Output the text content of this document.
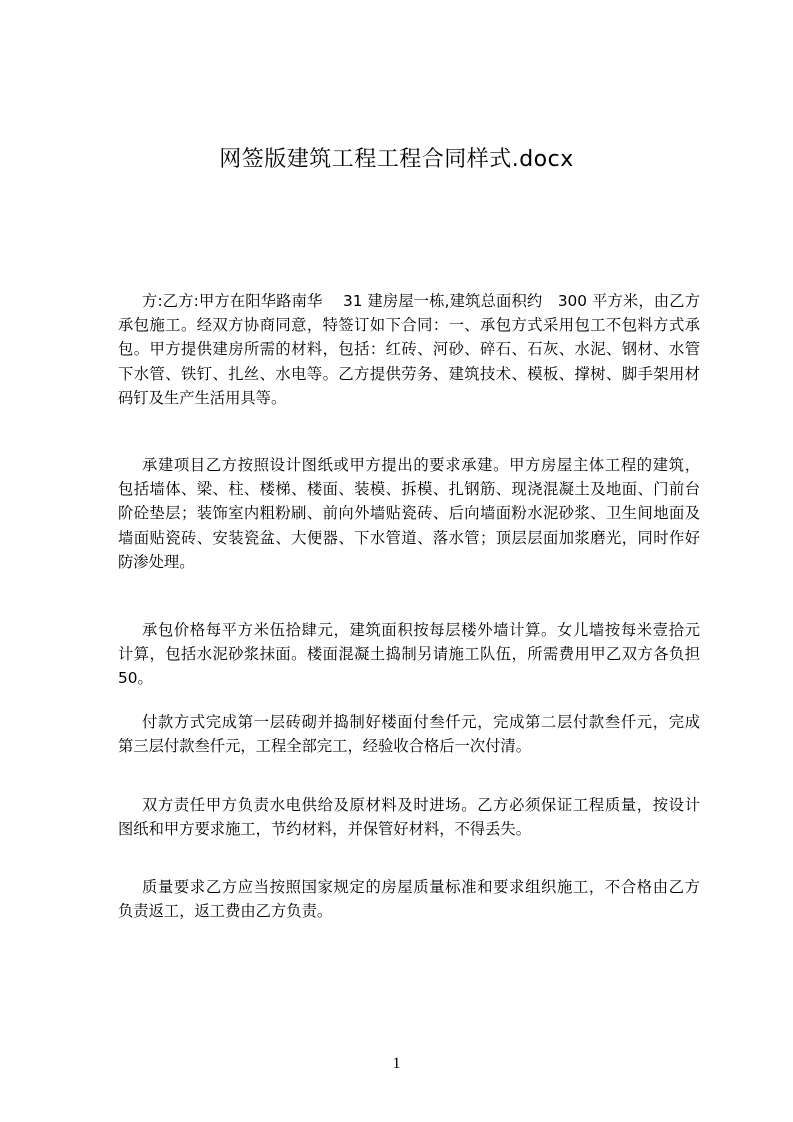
网签版建筑工程工程合同样式.docx
方:乙方:甲方在阳华路南华　 31 建房屋一栋,建筑总面积约　300 平方米，由乙方
承包施工。经双方协商同意，特签订如下合同：一、承包方式采用包工不包料方式承
包。甲方提供建房所需的材料，包括：红砖、河砂、碎石、石灰、水泥、钢材、水管
下水管、铁钉、扎丝、水电等。乙方提供劳务、建筑技术、模板、撑树、脚手架用材
码钉及生产生活用具等。
承建项目乙方按照设计图纸或甲方提出的要求承建。甲方房屋主体工程的建筑，
包括墙体、梁、柱、楼梯、楼面、装模、拆模、扎钢筋、现浇混凝土及地面、门前台
阶砼垫层；装饰室内粗粉刷、前向外墙贴瓷砖、后向墙面粉水泥砂浆、卫生间地面及
墙面贴瓷砖、安装瓷盆、大便器、下水管道、落水管；顶层层面加浆磨光，同时作好
防渗处理。
承包价格每平方米伍拾肆元，建筑面积按每层楼外墙计算。女儿墙按每米壹拾元
计算，包括水泥砂浆抹面。楼面混凝土捣制另请施工队伍，所需费用甲乙双方各负担
50。
付款方式完成第一层砖砌并捣制好楼面付叁仟元，完成第二层付款叁仟元，完成
第三层付款叁仟元，工程全部完工，经验收合格后一次付清。
双方责任甲方负责水电供给及原材料及时进场。乙方必须保证工程质量，按设计
图纸和甲方要求施工，节约材料，并保管好材料，不得丢失。
质量要求乙方应当按照国家规定的房屋质量标准和要求组织施工，不合格由乙方
负责返工，返工费由乙方负责。
1
